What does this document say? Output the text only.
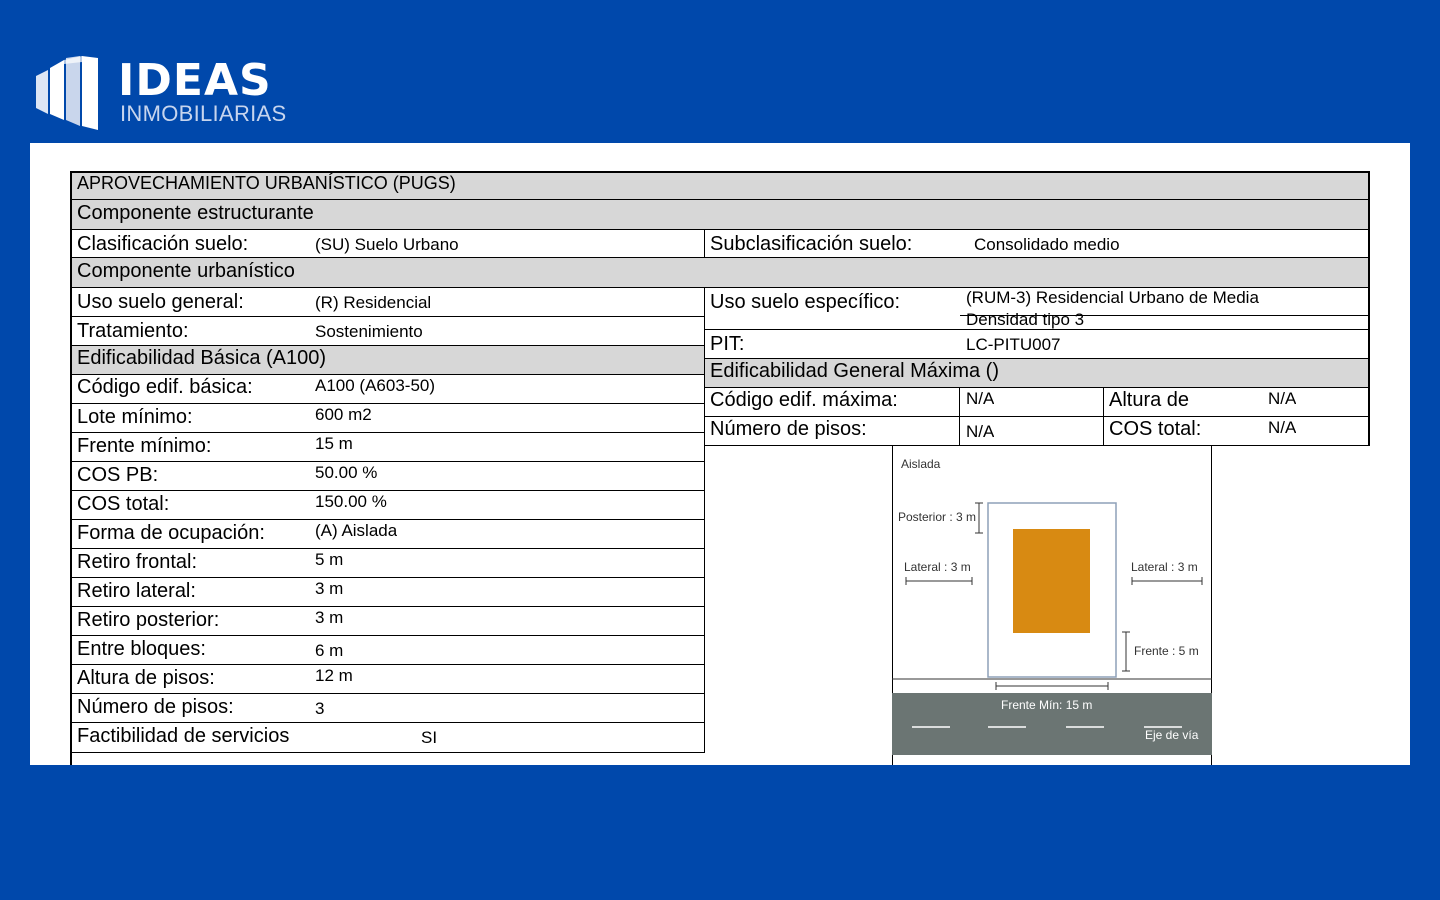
IDEAS
INMOBILIARIAS
APROVECHAMIENTO URBANÍSTICO (PUGS)
Componente estructurante
Clasificación suelo:	(SU) Suelo Urbano	Subclasificación suelo:	Consolidado medio
Componente urbanístico
Uso suelo general:	(R) Residencial	Uso suelo específico:	(RUM-3) Residencial Urbano de Media
Densidad tipo 3
Tratamiento:	Sostenimiento
PIT:	LC-PITU007
Edificabilidad Básica (A100)
Edificabilidad General Máxima ()
Código edif. básica:	A100 (A603-50)
Lote mínimo:	600 m2
Frente mínimo:	15 m
COS PB:	50.00 %
COS total:	150.00 %
Forma de ocupación:	(A) Aislada
Retiro frontal:	5 m
Retiro lateral:	3 m
Retiro posterior:	3 m
Entre bloques:	6 m
Altura de pisos:	12 m
Número de pisos:	3
Factibilidad de servicios	SI
Código edif. máxima:	N/A	Altura de	N/A
Número de pisos:	N/A	COS total:	N/A
Aislada
Posterior : 3 m
Lateral : 3 m	Lateral : 3 m
Frente : 5 m
Frente Mín: 15 m
Eje de vía
